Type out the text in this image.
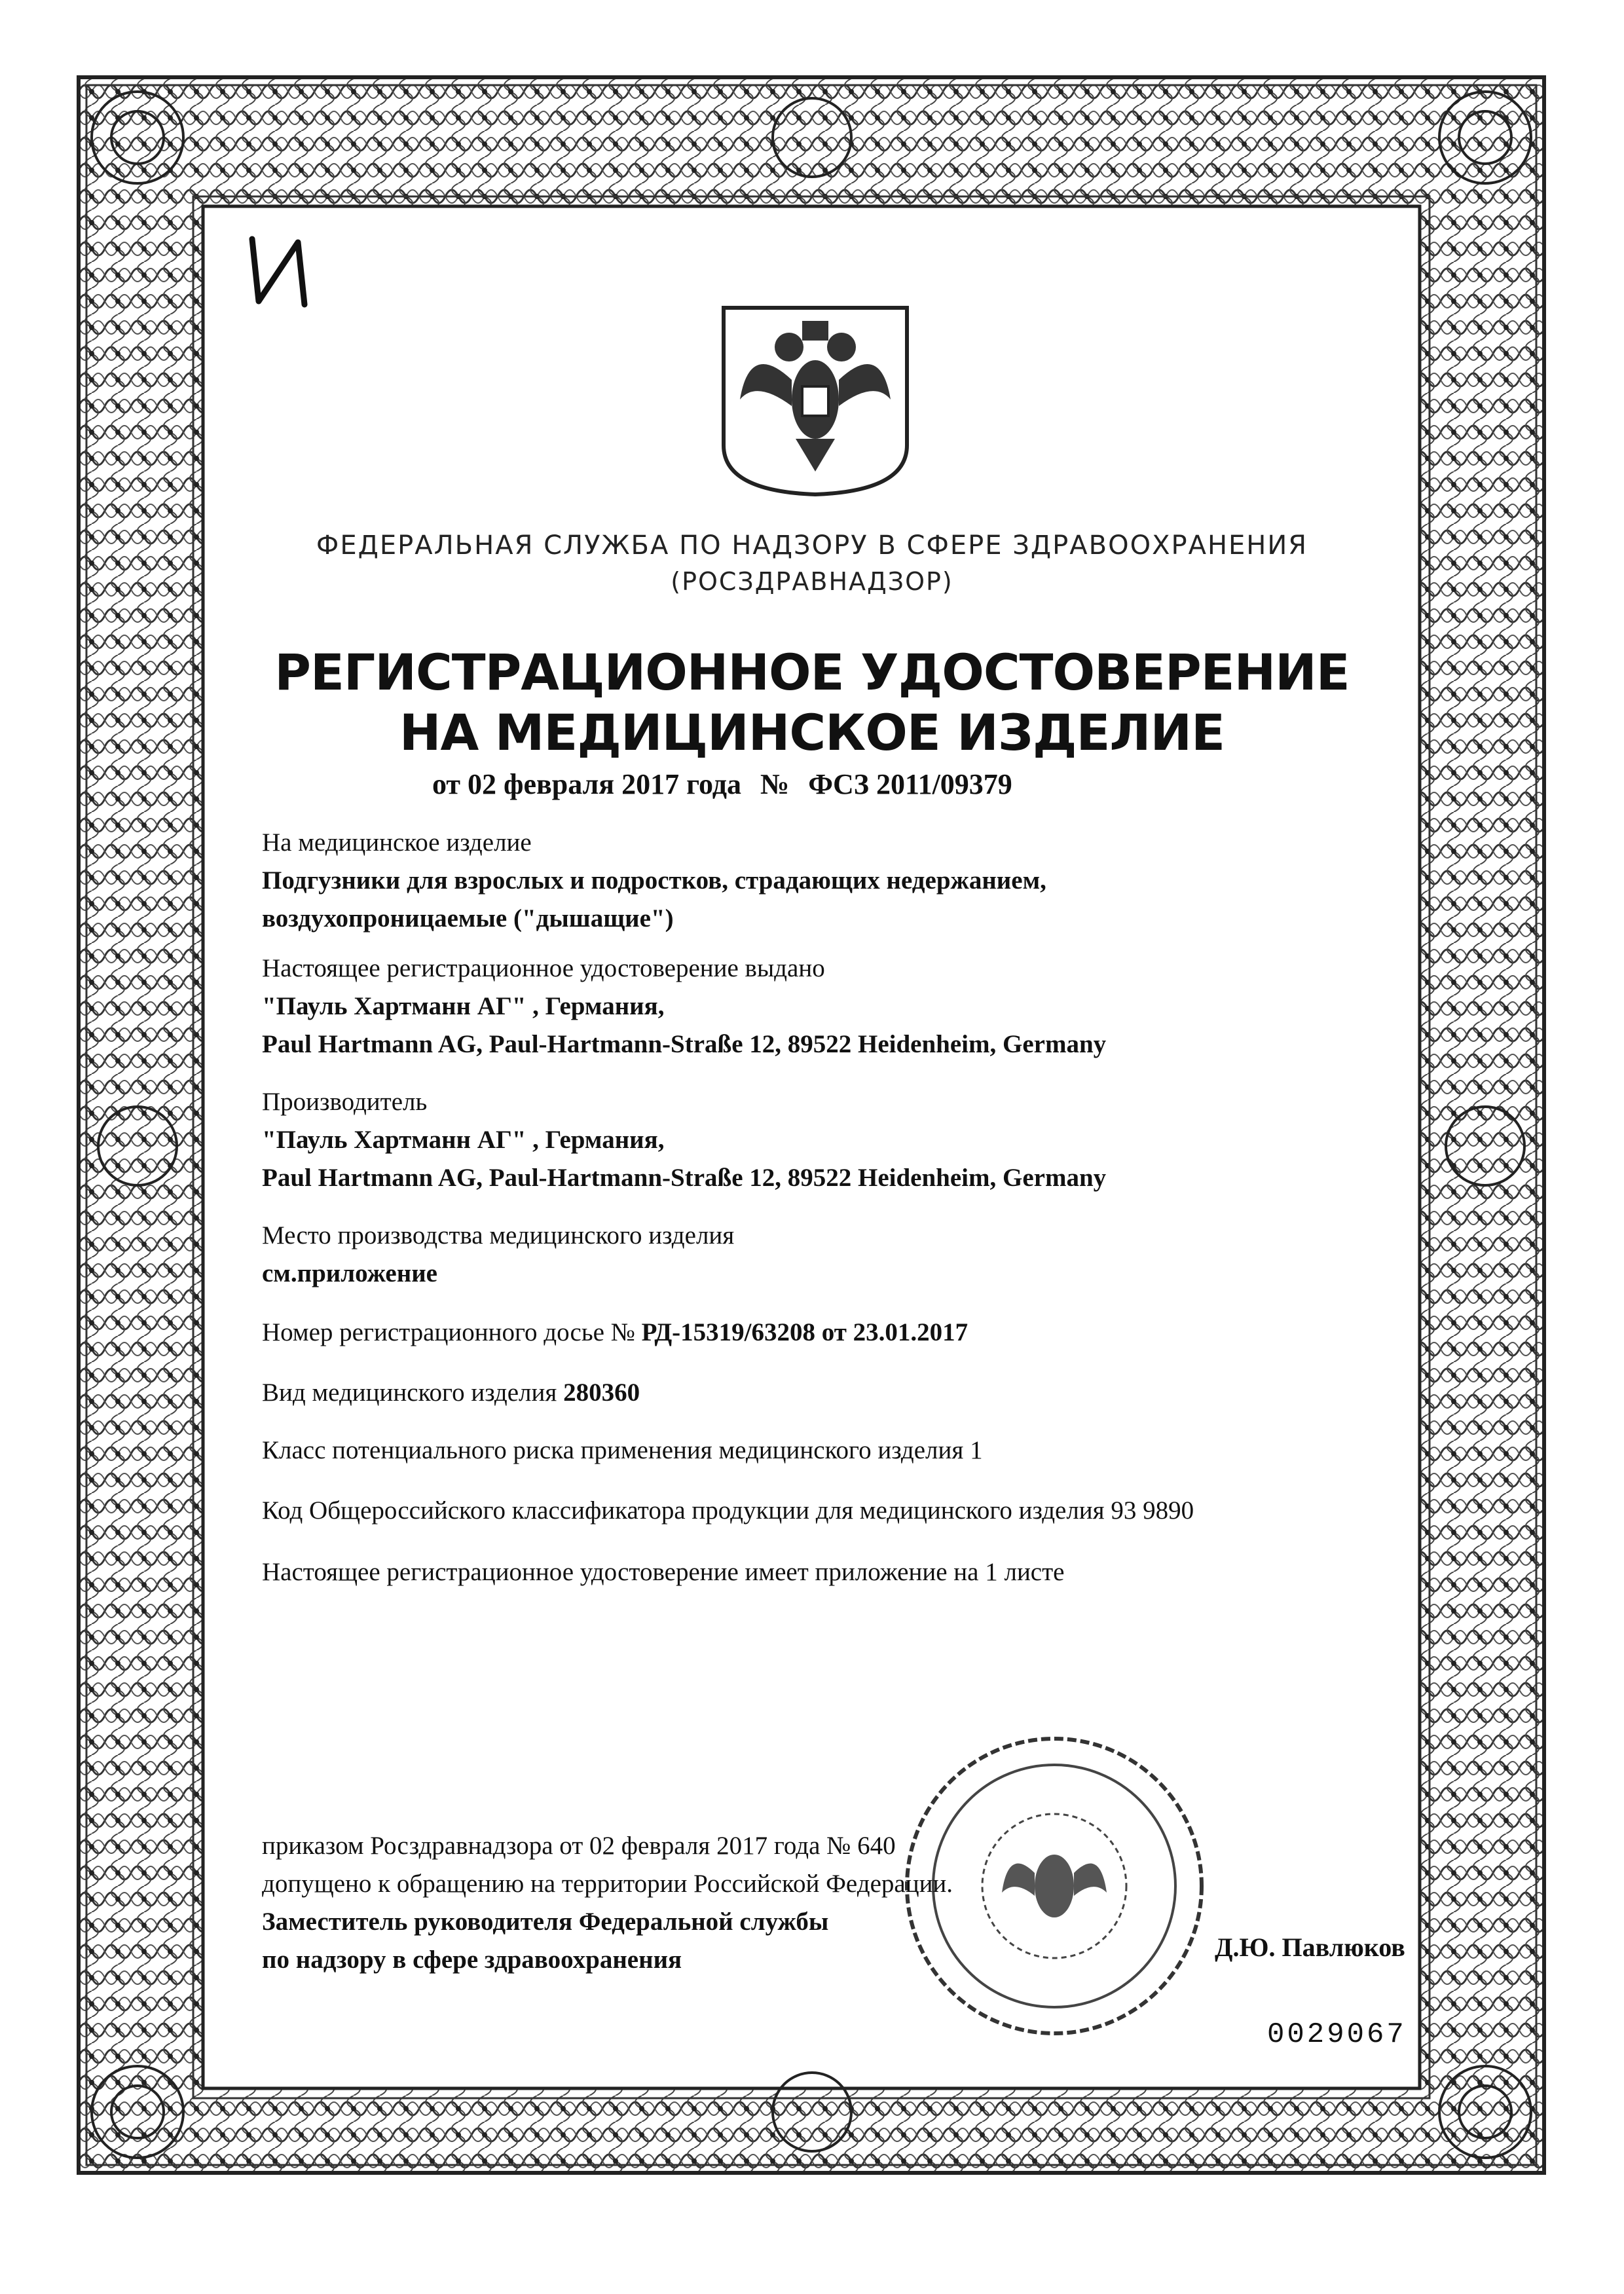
ФЕДЕРАЛЬНАЯ СЛУЖБА ПО НАДЗОРУ В СФЕРЕ ЗДРАВООХРАНЕНИЯ
(РОСЗДРАВНАДЗОР)
РЕГИСТРАЦИОННОЕ УДОСТОВЕРЕНИЕ
НА МЕДИЦИНСКОЕ ИЗДЕЛИЕ
от 02 февраля 2017 года № ФСЗ 2011/09379

На медицинское изделие

Подгузники для взрослых и подростков, страдающих недержанием,

воздухопроницаемые ("дышащие")

Настоящее регистрационное удостоверение выдано

"Пауль Хартманн АГ" , Германия,

Paul Hartmann AG, Paul-Hartmann-Straße 12, 89522 Heidenheim, Germany

Производитель

"Пауль Хартманн АГ" , Германия,

Paul Hartmann AG, Paul-Hartmann-Straße 12, 89522 Heidenheim, Germany

Место производства медицинского изделия

см.приложение

Номер регистрационного досье № РД-15319/63208 от 23.01.2017

Вид медицинского изделия 280360

Класс потенциального риска применения медицинского изделия 1

Код Общероссийского классификатора продукции для медицинского изделия 93 9890

Настоящее регистрационное удостоверение имеет приложение на 1 листе

приказом Росздравнадзора от 02 февраля 2017 года № 640

допущено к обращению на территории Российской Федерации.

Заместитель руководителя Федеральной службы

по надзору в сфере здравоохранения	Д.Ю. Павлюков
0029067
